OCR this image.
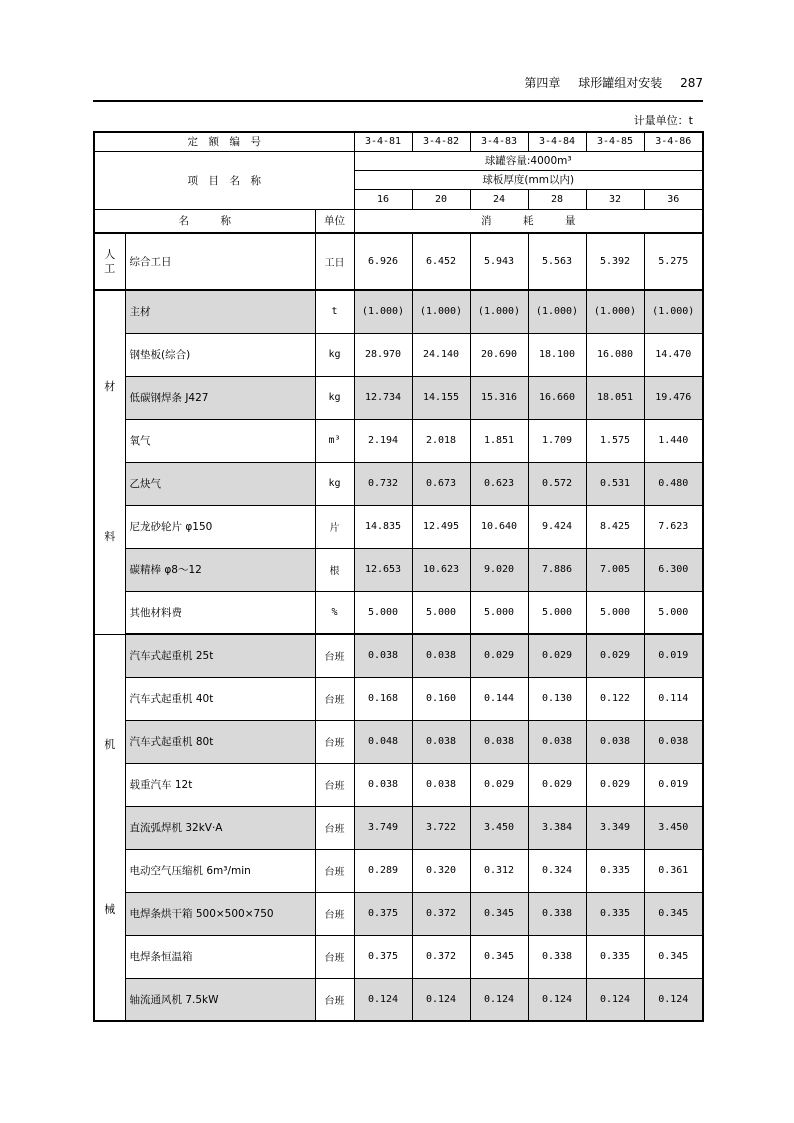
第四章 球形罐组对安装 287
计量单位：t
定　额　编　号			3-4-81	3-4-82	3-4-83	3-4-84	3-4-85	3-4-86
项　目　名　称			球罐容量:4000m³					
			球板厚度(mm以内)					
			16	20	24	28	32	36
名　　　称		单位	消　　　耗　　　量					

人
工	综合工日	工日	6.926	6.452	5.943	5.563	5.392	5.275

材
料	主材	t	(1.000)	(1.000)	(1.000)	(1.000)	(1.000)	(1.000)
	钢垫板(综合)	kg	28.970	24.140	20.690	18.100	16.080	14.470
	低碳钢焊条 J427	kg	12.734	14.155	15.316	16.660	18.051	19.476
	氧气	m³	2.194	2.018	1.851	1.709	1.575	1.440
	乙炔气	kg	0.732	0.673	0.623	0.572	0.531	0.480
	尼龙砂轮片 φ150	片	14.835	12.495	10.640	9.424	8.425	7.623
	碳精棒 φ8～12	根	12.653	10.623	9.020	7.886	7.005	6.300
	其他材料费	%	5.000	5.000	5.000	5.000	5.000	5.000

机
械	汽车式起重机 25t	台班	0.038	0.038	0.029	0.029	0.029	0.019
	汽车式起重机 40t	台班	0.168	0.160	0.144	0.130	0.122	0.114
	汽车式起重机 80t	台班	0.048	0.038	0.038	0.038	0.038	0.038
	载重汽车 12t	台班	0.038	0.038	0.029	0.029	0.029	0.019
	直流弧焊机 32kV·A	台班	3.749	3.722	3.450	3.384	3.349	3.450
	电动空气压缩机 6m³/min	台班	0.289	0.320	0.312	0.324	0.335	0.361
	电焊条烘干箱 500×500×750	台班	0.375	0.372	0.345	0.338	0.335	0.345
	电焊条恒温箱	台班	0.375	0.372	0.345	0.338	0.335	0.345
	轴流通风机 7.5kW	台班	0.124	0.124	0.124	0.124	0.124	0.124
